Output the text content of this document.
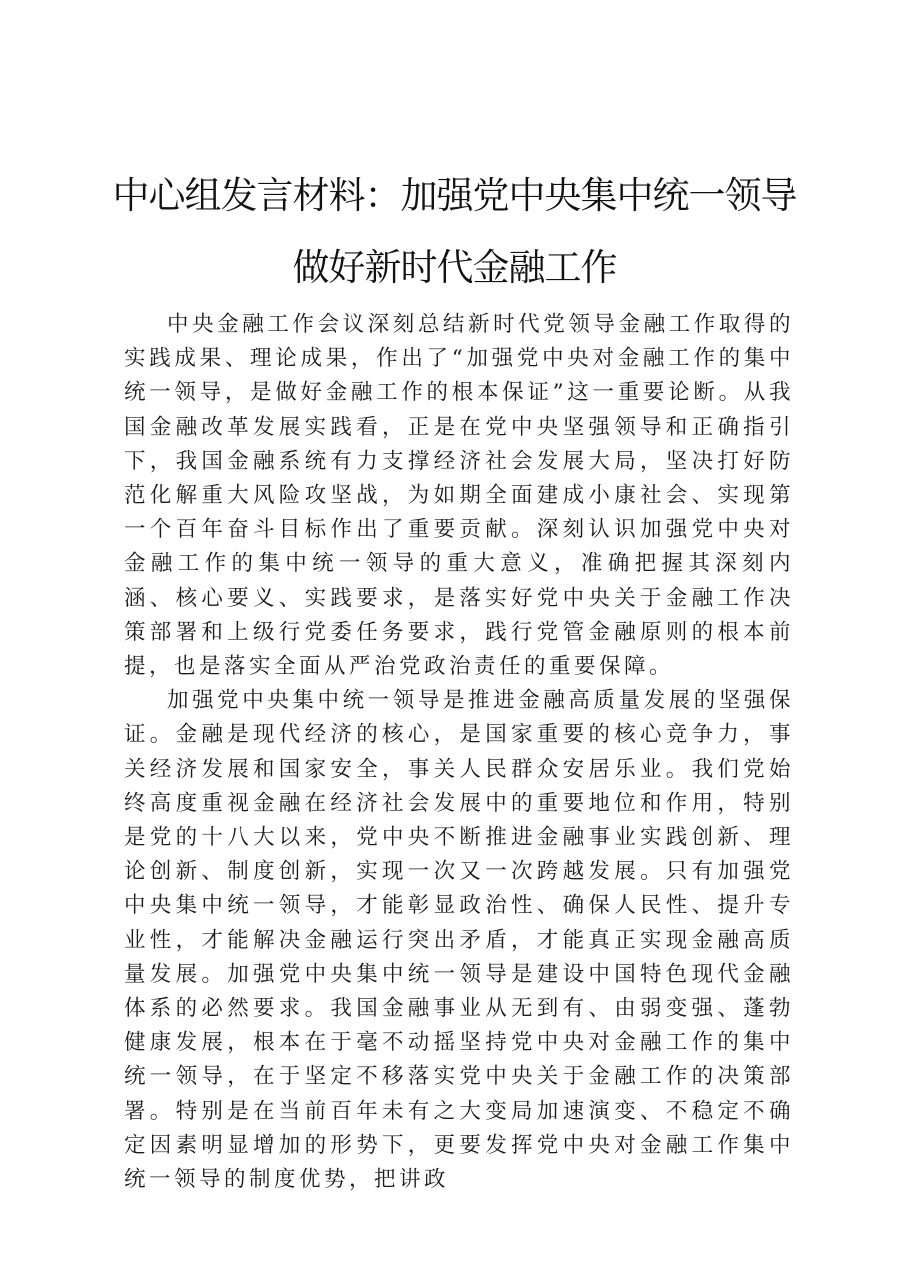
中心组发言材料：加强党中央集中统一领导
做好新时代金融工作

中央金融工作会议深刻总结新时代党领导金融工作取得的实践成果、理论成果，作出了“加强党中央对金融工作的集中统一领导，是做好金融工作的根本保证”这一重要论断。从我国金融改革发展实践看，正是在党中央坚强领导和正确指引下，我国金融系统有力支撑经济社会发展大局，坚决打好防范化解重大风险攻坚战，为如期全面建成小康社会、实现第一个百年奋斗目标作出了重要贡献。深刻认识加强党中央对金融工作的集中统一领导的重大意义，准确把握其深刻内涵、核心要义、实践要求，是落实好党中央关于金融工作决策部署和上级行党委任务要求，践行党管金融原则的根本前提，也是落实全面从严治党政治责任的重要保障。

加强党中央集中统一领导是推进金融高质量发展的坚强保证。金融是现代经济的核心，是国家重要的核心竞争力，事关经济发展和国家安全，事关人民群众安居乐业。我们党始终高度重视金融在经济社会发展中的重要地位和作用，特别是党的十八大以来，党中央不断推进金融事业实践创新、理论创新、制度创新，实现一次又一次跨越发展。只有加强党中央集中统一领导，才能彰显政治性、确保人民性、提升专业性，才能解决金融运行突出矛盾，才能真正实现金融高质量发展。加强党中央集中统一领导是建设中国特色现代金融体系的必然要求。我国金融事业从无到有、由弱变强、蓬勃健康发展，根本在于毫不动摇坚持党中央对金融工作的集中统一领导，在于坚定不移落实党中央关于金融工作的决策部署。特别是在当前百年未有之大变局加速演变、不稳定不确定因素明显增加的形势下，更要发挥党中央对金融工作集中统一领导的制度优势，把讲政
